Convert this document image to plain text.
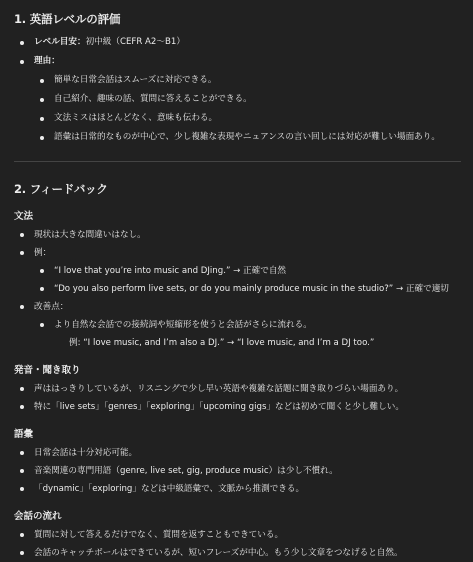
1. 英語レベルの評価
レベル目安：初中級（CEFR A2〜B1）
理由：
簡単な日常会話はスムーズに対応できる。
自己紹介、趣味の話、質問に答えることができる。
文法ミスはほとんどなく、意味も伝わる。
語彙は日常的なものが中心で、少し複雑な表現やニュアンスの言い回しには対応が難しい場面あり。
2. フィードバック
文法
現状は大きな間違いはなし。
例：
“I love that you’re into music and DJing.” → 正確で自然
“Do you also perform live sets, or do you mainly produce music in the studio?” → 正確で適切
改善点：
より自然な会話での接続詞や短縮形を使うと会話がさらに流れる。
例: “I love music, and I’m also a DJ.” → “I love music, and I’m a DJ too.”
発音・聞き取り
声ははっきりしているが、リスニングで少し早い英語や複雑な話題に聞き取りづらい場面あり。
特に「live sets」「genres」「exploring」「upcoming gigs」などは初めて聞くと少し難しい。
語彙
日常会話は十分対応可能。
音楽関連の専門用語（genre, live set, gig, produce music）は少し不慣れ。
「dynamic」「exploring」などは中級語彙で、文脈から推測できる。
会話の流れ
質問に対して答えるだけでなく、質問を返すこともできている。
会話のキャッチボールはできているが、短いフレーズが中心。もう少し文章をつなげると自然。
